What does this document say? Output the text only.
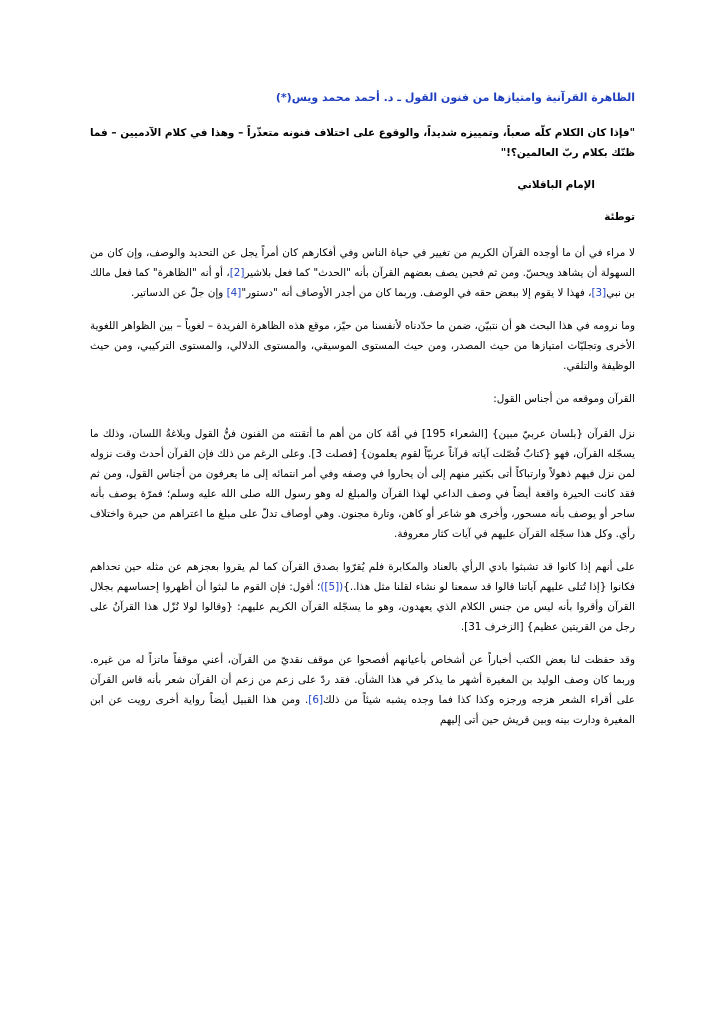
الظاهرة القرآنية وامتيازها من فنون القول ـ د. أحمد محمد ويس(*)
"فإذا كان الكلام كلّه صعباً، وتمييزه شديداً، والوقوع على اختلاف فنونه متعذّراً – وهذا في كلام الآدميين – فما ظنّك بكلام ربّ العالمين؟!"
الإمام الباقلاني
توطئة
لا مراء في أن ما أوجده القرآن الكريم من تغيير في حياة الناس وفي أفكارهم كان أمراً يجل عن التحديد والوصف، وإن كان من السهولة أن يشاهد ويحسّ. ومن ثم فحين يصف بعضهم القرآن بأنه "الحدث" كما فعل بلاشير[2]، أو أنه "الظاهرة" كما فعل مالك بن نبي[3]، فهذا لا يقوم إلا ببعض حقه في الوصف. وربما كان من أجدر الأوصاف أنه "دستور"[4] وإن جلّ عن الدساتير.
وما نرومه في هذا البحث هو أن نتبيّن، ضمن ما حدّدناه لأنفسنا من حيّز، موقع هذه الظاهرة الفريدة – لغوياً – بين الظواهر اللغوية الأخرى وتجليّات امتيازها من حيث المصدر، ومن حيث المستوى الموسيقي، والمستوى الدلالي، والمستوى التركيبي، ومن حيث الوظيفة والتلقي.
القرآن وموقعه من أجناس القول:
نزل القرآن {بلسان عربيّ مبين} [الشعراء 195] في أمّة كان من أهم ما أتقنته من الفنون فنُّ القول وبلاغةُ اللسان، وذلك ما يسجّله القرآن، فهو {كتابٌ فُصّلت آياته قرآناً عربيّاً لقوم يعلمون} [فصلت 3]. وعلى الرغم من ذلك فإن القرآن أحدث وقت نزوله لمن نزل فيهم ذهولاً وارتباكاً أتى بكثير منهم إلى أن يحاروا في وصفه وفي أمر انتمائه إلى ما يعرفون من أجناس القول، ومن ثم فقد كانت الحيرة واقعة أيضاً في وصف الداعي لهذا القرآن والمبلغ له وهو رسول الله صلى الله عليه وسلم؛ فمرّة يوصف بأنه ساحر أو يوصف بأنه مسحور، وأخرى هو شاعر أو كاهن، وتارة مجنون. وهي أوصاف تدلّ على مبلغ ما اعتراهم من حيرة واختلاف رأي. وكل هذا سجّله القرآن عليهم في آيات كثار معروفة.
على أنهم إذا كانوا قد تشبثوا بادي الرأي بالعناد والمكابرة فلم يُقرّوا بصدق القرآن كما لم يقروا بعجزهم عن مثله حين تحداهم فكانوا {إذا تُتلى عليهم آياتنا قالوا قد سمعنا لو نشاء لقلنا مثل هذا..}([5])؛ أقول: فإن القوم ما لبثوا أن أظهروا إحساسهم بجلال القرآن وأقروا بأنه ليس من جنس الكلام الذي يعهدون، وهو ما يسجّله القرآن الكريم عليهم: {وقالوا لولا نُزّل هذا القرآنُ على رجل من القريتين عظيم} [الزخرف 31].
وقد حفظت لنا بعض الكتب أخباراً عن أشخاص بأعيانهم أفصحوا عن موقف نقديّ من القرآن، أعني موقفاً ماتزاً له من غيره. وربما كان وصف الوليد بن المغيرة أشهر ما يذكر في هذا الشأن. فقد ردّ على زعم من زعم أن القرآن شعر بأنه قاس القرآن على أقراء الشعر هزجه ورجزه وكذا كذا فما وجده يشبه شيئاً من ذلك[6]. ومن هذا القبيل أيضاً رواية أخرى رويت عن ابن المغيرة ودارت بينه وبين قريش حين أتى إليهم
